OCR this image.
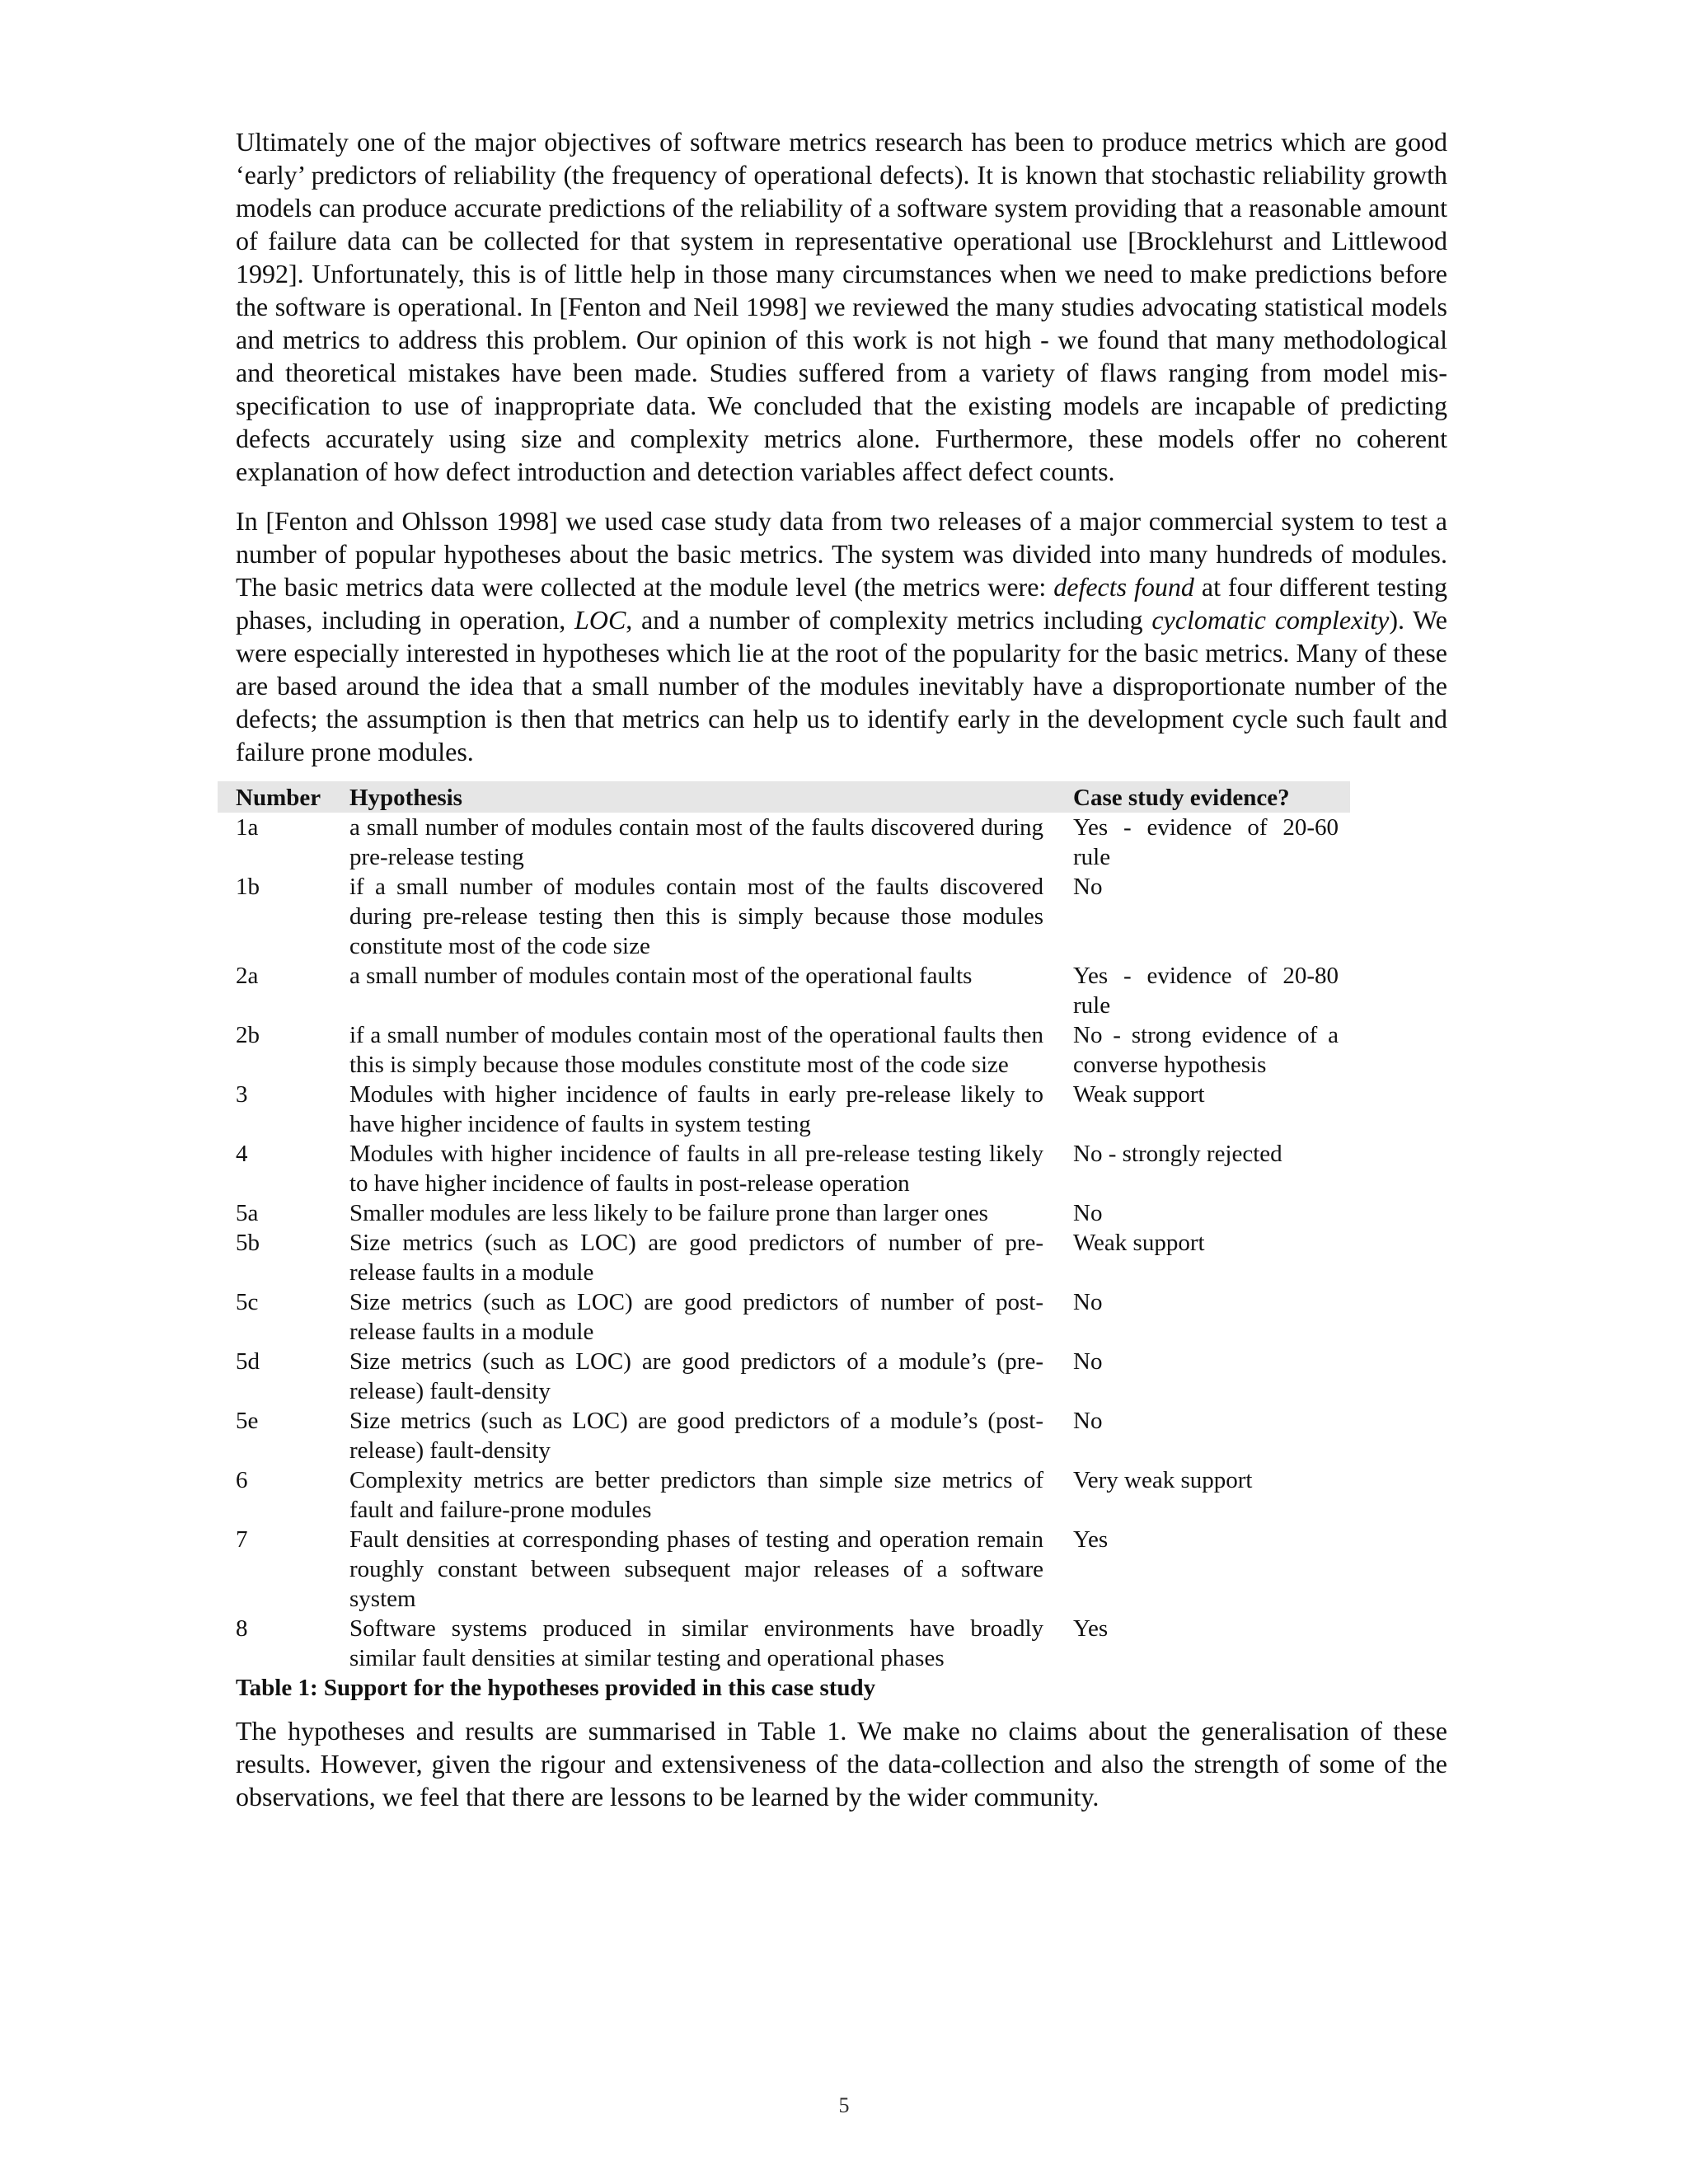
Ultimately one of the major objectives of software metrics research has been to produce metrics which are good ‘early’ predictors of reliability (the frequency of operational defects). It is known that stochastic reliability growth models can produce accurate predictions of the reliability of a software system providing that a reasonable amount of failure data can be collected for that system in representative operational use [Brocklehurst and Littlewood 1992]. Unfortunately, this is of little help in those many circumstances when we need to make predictions before the software is operational. In [Fenton and Neil 1998] we reviewed the many studies advocating statistical models and metrics to address this problem. Our opinion of this work is not high - we found that many methodological and theoretical mistakes have been made. Studies suffered from a variety of flaws ranging from model mis-specification to use of inappropriate data. We concluded that the existing models are incapable of predicting defects accurately using size and complexity metrics alone. Furthermore, these models offer no coherent explanation of how defect introduction and detection variables affect defect counts.

In [Fenton and Ohlsson 1998] we used case study data from two releases of a major commercial system to test a number of popular hypotheses about the basic metrics. The system was divided into many hundreds of modules. The basic metrics data were collected at the module level (the metrics were: defects found at four different testing phases, including in operation, LOC, and a number of complexity metrics including cyclomatic complexity). We were especially interested in hypotheses which lie at the root of the popularity for the basic metrics. Many of these are based around the idea that a small number of the modules inevitably have a disproportionate number of the defects; the assumption is then that metrics can help us to identify early in the development cycle such fault and failure prone modules.

Number	Hypothesis	Case study evidence?
1a	a small number of modules contain most of the faults discovered during pre-release testing	Yes - evidence of 20-60 rule
1b	if a small number of modules contain most of the faults discovered during pre-release testing then this is simply because those modules constitute most of the code size	No
2a	a small number of modules contain most of the operational faults	Yes - evidence of 20-80 rule
2b	if a small number of modules contain most of the operational faults then this is simply because those modules constitute most of the code size	No - strong evidence of a converse hypothesis
3	Modules with higher incidence of faults in early pre-release likely to have higher incidence of faults in system testing	Weak support
4	Modules with higher incidence of faults in all pre-release testing likely to have higher incidence of faults in post-release operation	No - strongly rejected
5a	Smaller modules are less likely to be failure prone than larger ones	No
5b	Size metrics (such as LOC) are good predictors of number of pre-release faults in a module	Weak support
5c	Size metrics (such as LOC) are good predictors of number of post-release faults in a module	No
5d	Size metrics (such as LOC) are good predictors of a module’s (pre-release) fault-density	No
5e	Size metrics (such as LOC) are good predictors of a module’s (post-release) fault-density	No
6	Complexity metrics are better predictors than simple size metrics of fault and failure-prone modules	Very weak support
7	Fault densities at corresponding phases of testing and operation remain roughly constant between subsequent major releases of a software system	Yes
8	Software systems produced in similar environments have broadly similar fault densities at similar testing and operational phases	Yes

Table 1: Support for the hypotheses provided in this case study

The hypotheses and results are summarised in Table 1. We make no claims about the generalisation of these results. However, given the rigour and extensiveness of the data-collection and also the strength of some of the observations, we feel that there are lessons to be learned by the wider community.

5
